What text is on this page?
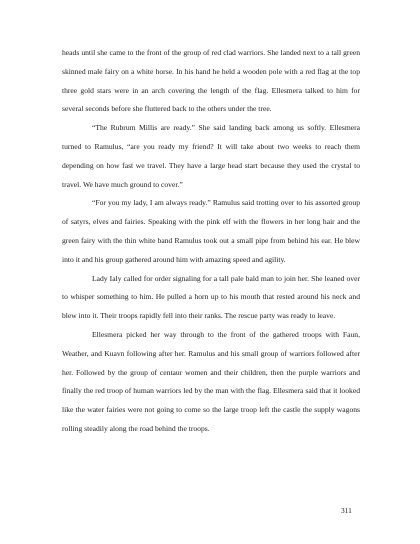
heads until she came to the front of the group of red clad warriors. She landed next to a tall green skinned male fairy on a white horse. In his hand he held a wooden pole with a red flag at the top three gold stars were in an arch covering the length of the flag. Ellesmera talked to him for several seconds before she fluttered back to the others under the tree.

“The Rubrum Millis are ready.” She said landing back among us softly. Ellesmera turned to Ramulus, “are you ready my friend? It will take about two weeks to reach them depending on how fast we travel. They have a large head start because they used the crystal to travel. We have much ground to cover.”

“For you my lady, I am always ready.” Ramulus said trotting over to his assorted group of satyrs, elves and fairies. Speaking with the pink elf with the flowers in her long hair and the green fairy with the thin white band Ramulus took out a small pipe from behind his ear. He blew into it and his group gathered around him with amazing speed and agility.

Lady Ialy called for order signaling for a tall pale bald man to join her. She leaned over to whisper something to him. He pulled a horn up to his mouth that rested around his neck and blew into it. Their troops rapidly fell into their ranks. The rescue party was ready to leave.

Ellesmera picked her way through to the front of the gathered troops with Faun, Weather, and Kuavn following after her. Ramulus and his small group of warriors followed after her. Followed by the group of centaur women and their children, then the purple warriors and finally the red troop of human warriors led by the man with the flag. Ellesmera said that it looked like the water fairies were not going to come so the large troop left the castle the supply wagons rolling steadily along the road behind the troops.

311
